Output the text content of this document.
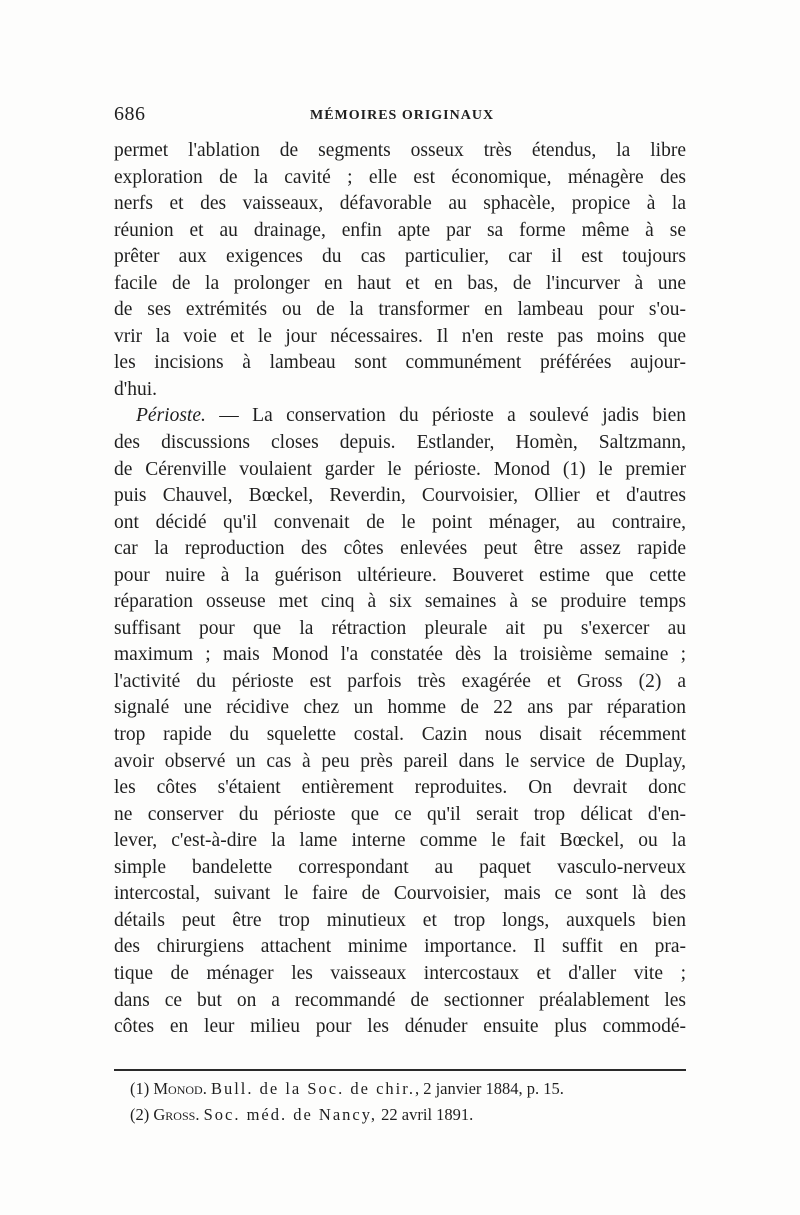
686	MÉMOIRES ORIGINAUX
permet l'ablation de segments osseux très étendus, la libre
exploration de la cavité ; elle est économique, ménagère des
nerfs et des vaisseaux, défavorable au sphacèle, propice à la
réunion et au drainage, enfin apte par sa forme même à se
prêter aux exigences du cas particulier, car il est toujours
facile de la prolonger en haut et en bas, de l'incurver à une
de ses extrémités ou de la transformer en lambeau pour s'ou-
vrir la voie et le jour nécessaires. Il n'en reste pas moins que
les incisions à lambeau sont communément préférées aujour-
d'hui.
Périoste. — La conservation du périoste a soulevé jadis bien
des discussions closes depuis. Estlander, Homèn, Saltzmann,
de Cérenville voulaient garder le périoste. Monod (1) le premier
puis Chauvel, Bœckel, Reverdin, Courvoisier, Ollier et d'autres
ont décidé qu'il convenait de le point ménager, au contraire,
car la reproduction des côtes enlevées peut être assez rapide
pour nuire à la guérison ultérieure. Bouveret estime que cette
réparation osseuse met cinq à six semaines à se produire temps
suffisant pour que la rétraction pleurale ait pu s'exercer au
maximum ; mais Monod l'a constatée dès la troisième semaine ;
l'activité du périoste est parfois très exagérée et Gross (2) a
signalé une récidive chez un homme de 22 ans par réparation
trop rapide du squelette costal. Cazin nous disait récemment
avoir observé un cas à peu près pareil dans le service de Duplay,
les côtes s'étaient entièrement reproduites. On devrait donc
ne conserver du périoste que ce qu'il serait trop délicat d'en-
lever, c'est-à-dire la lame interne comme le fait Bœckel, ou la
simple bandelette correspondant au paquet vasculo-nerveux
intercostal, suivant le faire de Courvoisier, mais ce sont là des
détails peut être trop minutieux et trop longs, auxquels bien
des chirurgiens attachent minime importance. Il suffit en pra-
tique de ménager les vaisseaux intercostaux et d'aller vite ;
dans ce but on a recommandé de sectionner préalablement les
côtes en leur milieu pour les dénuder ensuite plus commodé-
(1) Monod. Bull. de la Soc. de chir., 2 janvier 1884, p. 15.
(2) Gross. Soc. méd. de Nancy, 22 avril 1891.
